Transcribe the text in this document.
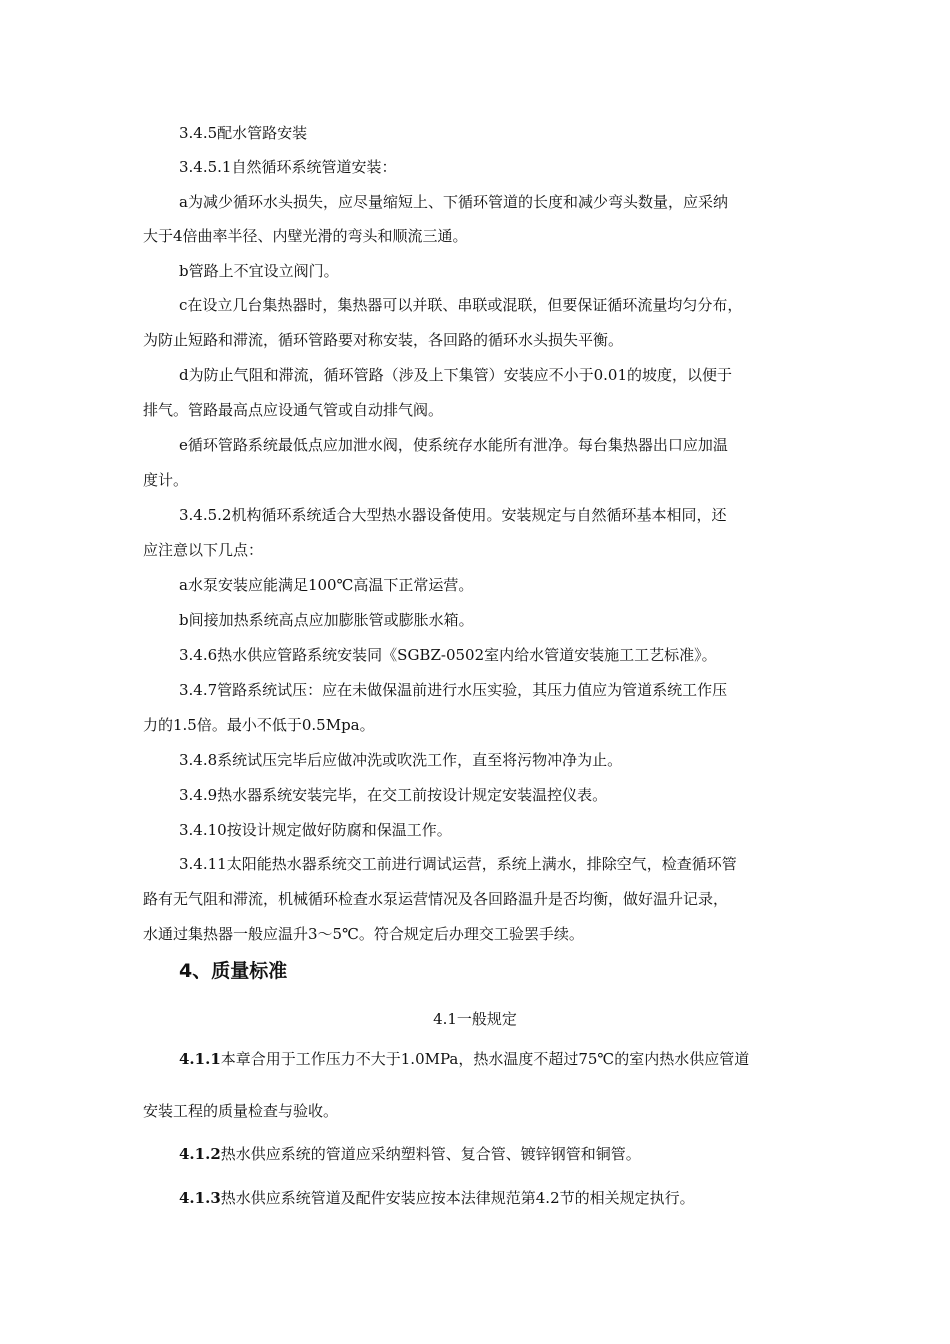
3.4.5配水管路安装
3.4.5.1自然循环系统管道安装：
a为减少循环水头损失，应尽量缩短上、下循环管道的长度和减少弯头数量，应采纳
大于4倍曲率半径、内壁光滑的弯头和顺流三通。
b管路上不宜设立阀门。
c在设立几台集热器时，集热器可以并联、串联或混联，但要保证循环流量均匀分布，
为防止短路和滞流，循环管路要对称安装，各回路的循环水头损失平衡。
d为防止气阻和滞流，循环管路（涉及上下集管）安装应不小于0.01的坡度，以便于
排气。管路最高点应设通气管或自动排气阀。
e循环管路系统最低点应加泄水阀，使系统存水能所有泄净。每台集热器出口应加温
度计。
3.4.5.2机构循环系统适合大型热水器设备使用。安装规定与自然循环基本相同，还
应注意以下几点：
a水泵安装应能满足100℃高温下正常运营。
b间接加热系统高点应加膨胀管或膨胀水箱。
3.4.6热水供应管路系统安装同《SGBZ-0502室内给水管道安装施工工艺标准》。
3.4.7管路系统试压：应在未做保温前进行水压实验，其压力值应为管道系统工作压
力的1.5倍。最小不低于0.5Mpa。
3.4.8系统试压完毕后应做冲洗或吹洗工作，直至将污物冲净为止。
3.4.9热水器系统安装完毕，在交工前按设计规定安装温控仪表。
3.4.10按设计规定做好防腐和保温工作。
3.4.11太阳能热水器系统交工前进行调试运营，系统上满水，排除空气，检查循环管
路有无气阻和滞流，机械循环检查水泵运营情况及各回路温升是否均衡，做好温升记录，
水通过集热器一般应温升3～5℃。符合规定后办理交工验罢手续。
4、质量标准
4.1一般规定
4.1.1本章合用于工作压力不大于1.0MPa，热水温度不超过75℃的室内热水供应管道
安装工程的质量检查与验收。
4.1.2热水供应系统的管道应采纳塑料管、复合管、镀锌钢管和铜管。
4.1.3热水供应系统管道及配件安装应按本法律规范第4.2节的相关规定执行。
